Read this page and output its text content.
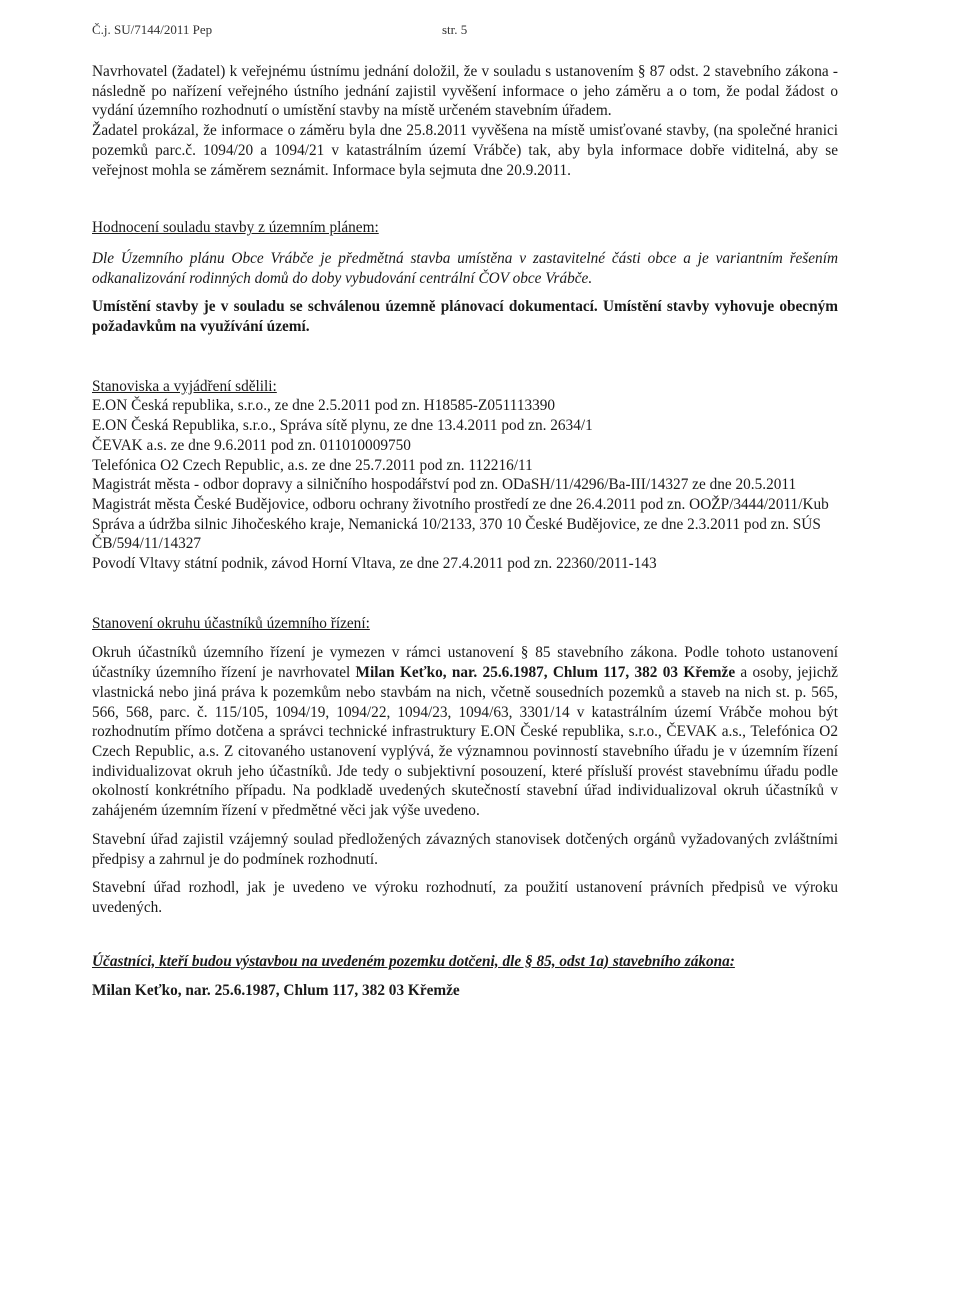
Č.j. SU/7144/2011 Pep	str. 5

Navrhovatel (žadatel) k veřejnému ústnímu jednání doložil, že v souladu s ustanovením § 87 odst. 2 stavebního zákona - následně po nařízení veřejného ústního jednání zajistil vyvěšení informace o jeho záměru a o tom, že podal žádost o vydání územního rozhodnutí o umístění stavby na místě určeném stavebním úřadem.

Žadatel prokázal, že informace o záměru byla dne 25.8.2011 vyvěšena na místě umisťované stavby, (na společné hranici pozemků parc.č. 1094/20 a 1094/21 v katastrálním území Vrábče) tak, aby byla informace dobře viditelná, aby se veřejnost mohla se záměrem seznámit. Informace byla sejmuta dne 20.9.2011.

Hodnocení souladu stavby z územním plánem:

Dle Územního plánu Obce Vrábče je předmětná stavba umístěna v zastavitelné části obce a je variantním řešením odkanalizování rodinných domů do doby vybudování centrální ČOV obce Vrábče.

Umístění stavby je v souladu se schválenou územně plánovací dokumentací. Umístění stavby vyhovuje obecným požadavkům na využívání území.

Stanoviska a vyjádření sdělili:
E.ON Česká republika, s.r.o., ze dne 2.5.2011 pod zn. H18585-Z051113390
E.ON Česká Republika, s.r.o., Správa sítě plynu, ze dne 13.4.2011 pod zn. 2634/1
ČEVAK a.s. ze dne 9.6.2011 pod zn. 011010009750
Telefónica O2 Czech Republic, a.s. ze dne 25.7.2011 pod zn. 112216/11
Magistrát města - odbor dopravy a silničního hospodářství pod zn. ODaSH/11/4296/Ba-III/14327 ze dne 20.5.2011
Magistrát města České Budějovice, odboru ochrany životního prostředí ze dne 26.4.2011 pod zn. OOŽP/3444/2011/Kub
Správa a údržba silnic Jihočeského kraje, Nemanická 10/2133, 370 10 České Budějovice, ze dne 2.3.2011 pod zn. SÚS ČB/594/11/14327
Povodí Vltavy státní podnik, závod Horní Vltava, ze dne 27.4.2011 pod zn. 22360/2011-143
Stanovení okruhu účastníků územního řízení:

Okruh účastníků územního řízení je vymezen v rámci ustanovení § 85 stavebního zákona. Podle tohoto ustanovení účastníky územního řízení je navrhovatel Milan Keťko, nar. 25.6.1987, Chlum 117, 382 03 Křemže a osoby, jejichž vlastnická nebo jiná práva k pozemkům nebo stavbám na nich, včetně sousedních pozemků a staveb na nich st. p. 565, 566, 568, parc. č. 115/105, 1094/19, 1094/22, 1094/23, 1094/63, 3301/14 v katastrálním území Vrábče mohou být rozhodnutím přímo dotčena a správci technické infrastruktury E.ON České republika, s.r.o., ČEVAK a.s., Telefónica O2 Czech Republic, a.s. Z citovaného ustanovení vyplývá, že významnou povinností stavebního úřadu je v územním řízení individualizovat okruh jeho účastníků. Jde tedy o subjektivní posouzení, které přísluší provést stavebnímu úřadu podle okolností konkrétního případu. Na podkladě uvedených skutečností stavební úřad individualizoval okruh účastníků v zahájeném územním řízení v předmětné věci jak výše uvedeno.

Stavební úřad zajistil vzájemný soulad předložených závazných stanovisek dotčených orgánů vyžadovaných zvláštními předpisy a zahrnul je do podmínek rozhodnutí.

Stavební úřad rozhodl, jak je uvedeno ve výroku rozhodnutí, za použití ustanovení právních předpisů ve výroku uvedených.

Účastníci, kteří budou výstavbou na uvedeném pozemku dotčeni, dle § 85, odst 1a) stavebního zákona:

Milan Keťko, nar. 25.6.1987, Chlum 117, 382 03 Křemže
